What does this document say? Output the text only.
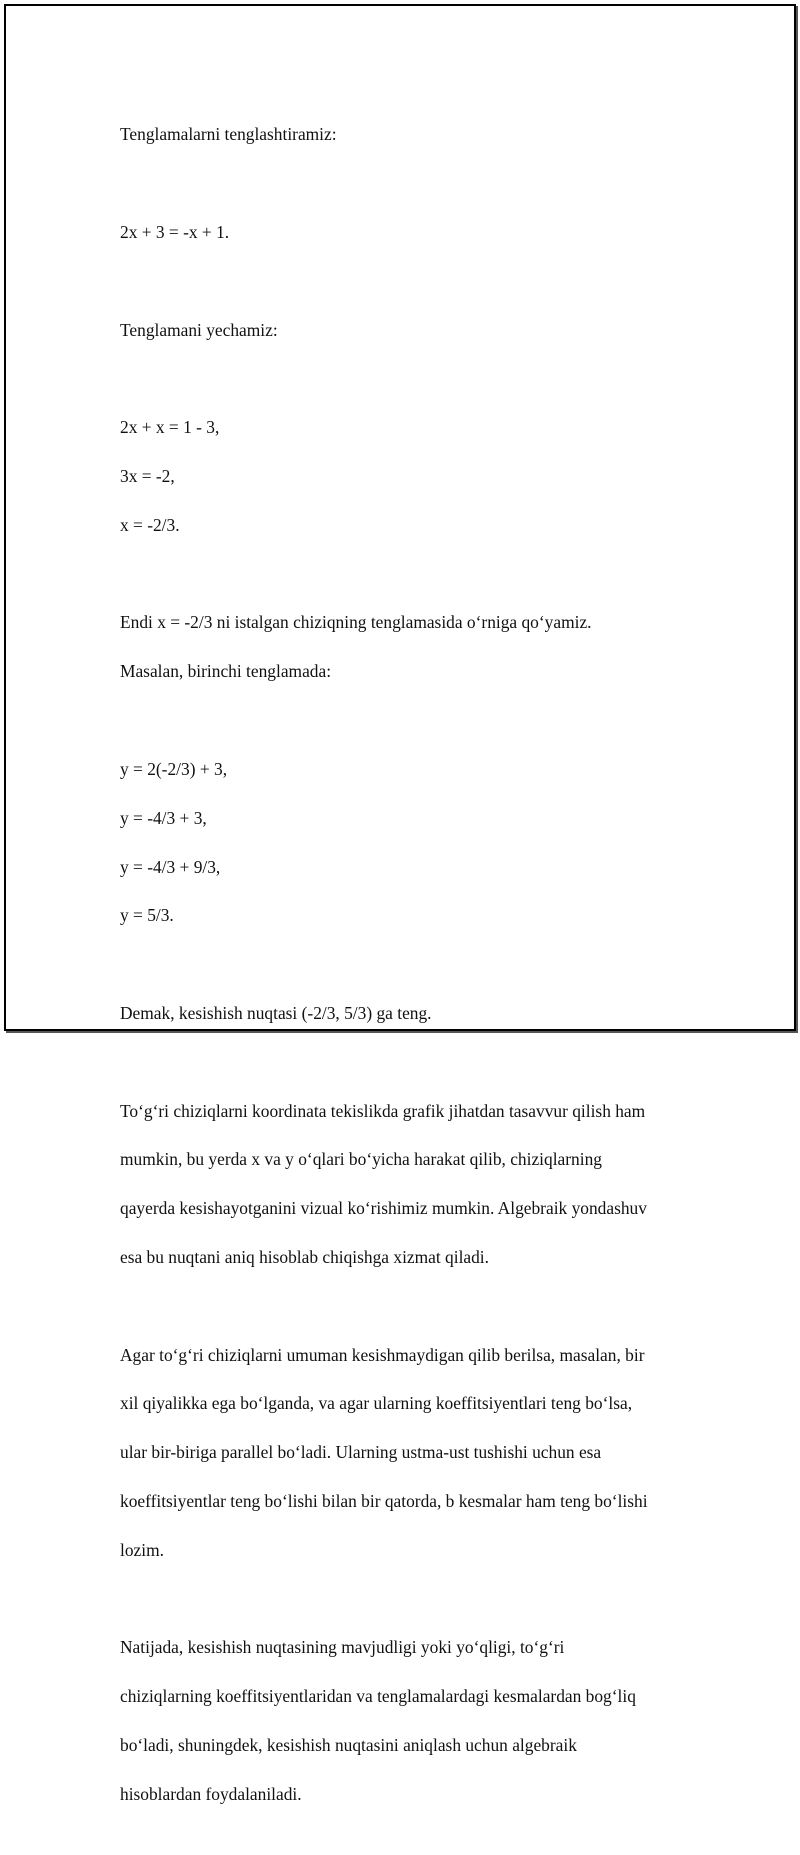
Tenglamalarni tenglashtiramiz:

2x + 3 = -x + 1.

Tenglamani yechamiz:

2x + x = 1 - 3,

3x = -2,

x = -2/3.

Endi x = -2/3 ni istalgan chiziqning tenglamasida oʻrniga qoʻyamiz.

Masalan, birinchi tenglamada:

y = 2(-2/3) + 3,

y = -4/3 + 3,

y = -4/3 + 9/3,

y = 5/3.

Demak, kesishish nuqtasi (-2/3, 5/3) ga teng.

Toʻgʻri chiziqlarni koordinata tekislikda grafik jihatdan tasavvur qilish ham

mumkin, bu yerda x va y oʻqlari boʻyicha harakat qilib, chiziqlarning

qayerda kesishayotganini vizual koʻrishimiz mumkin. Algebraik yondashuv

esa bu nuqtani aniq hisoblab chiqishga xizmat qiladi.

Agar toʻgʻri chiziqlarni umuman kesishmaydigan qilib berilsa, masalan, bir

xil qiyalikka ega boʻlganda, va agar ularning koeffitsiyentlari teng boʻlsa,

ular bir-biriga parallel boʻladi. Ularning ustma-ust tushishi uchun esa

koeffitsiyentlar teng boʻlishi bilan bir qatorda, b kesmalar ham teng boʻlishi

lozim.

Natijada, kesishish nuqtasining mavjudligi yoki yoʻqligi, toʻgʻri

chiziqlarning koeffitsiyentlaridan va tenglamalardagi kesmalardan bogʻliq

boʻladi, shuningdek, kesishish nuqtasini aniqlash uchun algebraik

hisoblardan foydalaniladi.
